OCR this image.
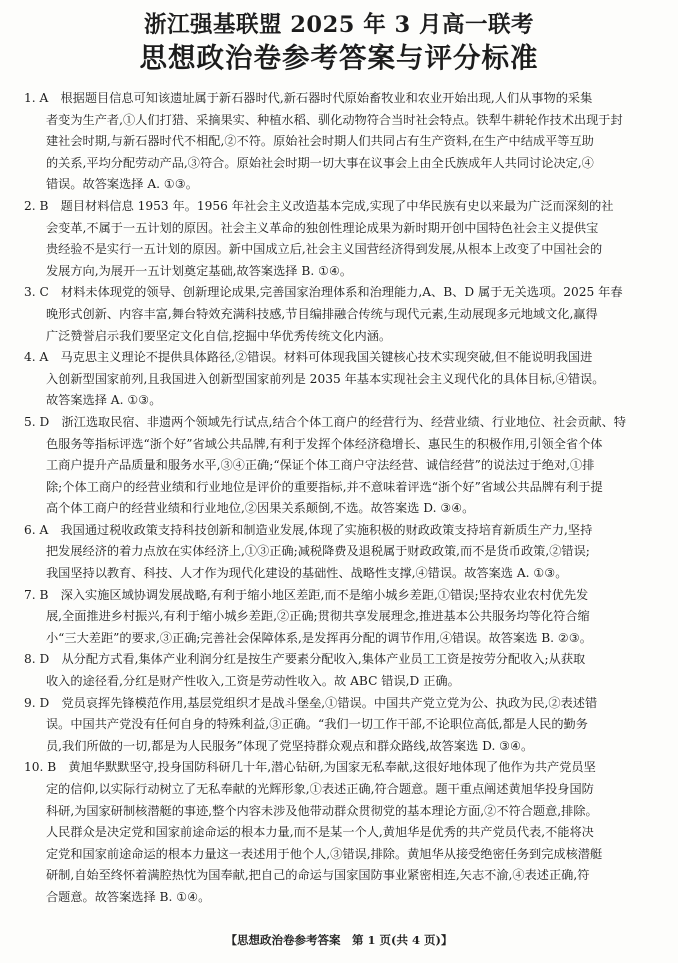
浙江强基联盟 2025 年 3 月高一联考
思想政治卷参考答案与评分标准
1. A　根据题目信息可知该遗址属于新石器时代,新石器时代原始畜牧业和农业开始出现,人们从事物的采集
者变为生产者,①人们打猎、采摘果实、种植水稻、驯化动物符合当时社会特点。铁犁牛耕轮作技术出现于封
建社会时期,与新石器时代不相配,②不符。原始社会时期人们共同占有生产资料,在生产中结成平等互助
的关系,平均分配劳动产品,③符合。原始社会时期一切大事在议事会上由全氏族成年人共同讨论决定,④
错误。故答案选择 A. ①③。
2. B　题目材料信息 1953 年。1956 年社会主义改造基本完成,实现了中华民族有史以来最为广泛而深刻的社
会变革,不属于一五计划的原因。社会主义革命的独创性理论成果为新时期开创中国特色社会主义提供宝
贵经验不是实行一五计划的原因。新中国成立后,社会主义国营经济得到发展,从根本上改变了中国社会的
发展方向,为展开一五计划奠定基础,故答案选择 B. ①④。
3. C　材料未体现党的领导、创新理论成果,完善国家治理体系和治理能力,A、B、D 属于无关选项。2025 年春
晚形式创新、内容丰富,舞台特效充满科技感,节目编排融合传统与现代元素,生动展现多元地域文化,赢得
广泛赞誉启示我们要坚定文化自信,挖掘中华优秀传统文化内涵。
4. A　马克思主义理论不提供具体路径,②错误。材料可体现我国关键核心技术实现突破,但不能说明我国进
入创新型国家前列,且我国进入创新型国家前列是 2035 年基本实现社会主义现代化的具体目标,④错误。
故答案选择 A. ①③。
5. D　浙江选取民宿、非遗两个领域先行试点,结合个体工商户的经营行为、经营业绩、行业地位、社会贡献、特
色服务等指标评选“浙个好”省域公共品牌,有利于发挥个体经济稳增长、惠民生的积极作用,引领全省个体
工商户提升产品质量和服务水平,③④正确;“保证个体工商户守法经营、诚信经营”的说法过于绝对,①排
除;个体工商户的经营业绩和行业地位是评价的重要指标,并不意味着评选“浙个好”省域公共品牌有利于提
高个体工商户的经营业绩和行业地位,②因果关系颠倒,不选。故答案选 D. ③④。
6. A　我国通过税收政策支持科技创新和制造业发展,体现了实施积极的财政政策支持培育新质生产力,坚持
把发展经济的着力点放在实体经济上,①③正确;减税降费及退税属于财政政策,而不是货币政策,②错误;
我国坚持以教育、科技、人才作为现代化建设的基础性、战略性支撑,④错误。故答案选 A. ①③。
7. B　深入实施区域协调发展战略,有利于缩小地区差距,而不是缩小城乡差距,①错误;坚持农业农村优先发
展,全面推进乡村振兴,有利于缩小城乡差距,②正确;贯彻共享发展理念,推进基本公共服务均等化符合缩
小“三大差距”的要求,③正确;完善社会保障体系,是发挥再分配的调节作用,④错误。故答案选 B. ②③。
8. D　从分配方式看,集体产业利润分红是按生产要素分配收入,集体产业员工工资是按劳分配收入;从获取
收入的途径看,分红是财产性收入,工资是劳动性收入。故 ABC 错误,D 正确。
9. D　党员哀挥先锋模范作用,基层党组织才是战斗堡垒,①错误。中国共产党立党为公、执政为民,②表述错
误。中国共产党没有任何自身的特殊利益,③正确。“我们一切工作干部,不论职位高低,都是人民的勤务
员,我们所做的一切,都是为人民服务”体现了党坚持群众观点和群众路线,故答案选 D. ③④。
10. B　黄旭华默默坚守,投身国防科研几十年,潜心钻研,为国家无私奉献,这很好地体现了他作为共产党员坚
定的信仰,以实际行动树立了无私奉献的光辉形象,①表述正确,符合题意。题干重点阐述黄旭华投身国防
科研,为国家研制核潜艇的事迹,整个内容未涉及他带动群众贯彻党的基本理论方面,②不符合题意,排除。
人民群众是决定党和国家前途命运的根本力量,而不是某一个人,黄旭华是优秀的共产党员代表,不能将决
定党和国家前途命运的根本力量这一表述用于他个人,③错误,排除。黄旭华从接受绝密任务到完成核潜艇
研制,自始至终怀着满腔热忱为国奉献,把自己的命运与国家国防事业紧密相连,矢志不渝,④表述正确,符
合题意。故答案选择 B. ①④。
【思想政治卷参考答案　第 1 页(共 4 页)】
